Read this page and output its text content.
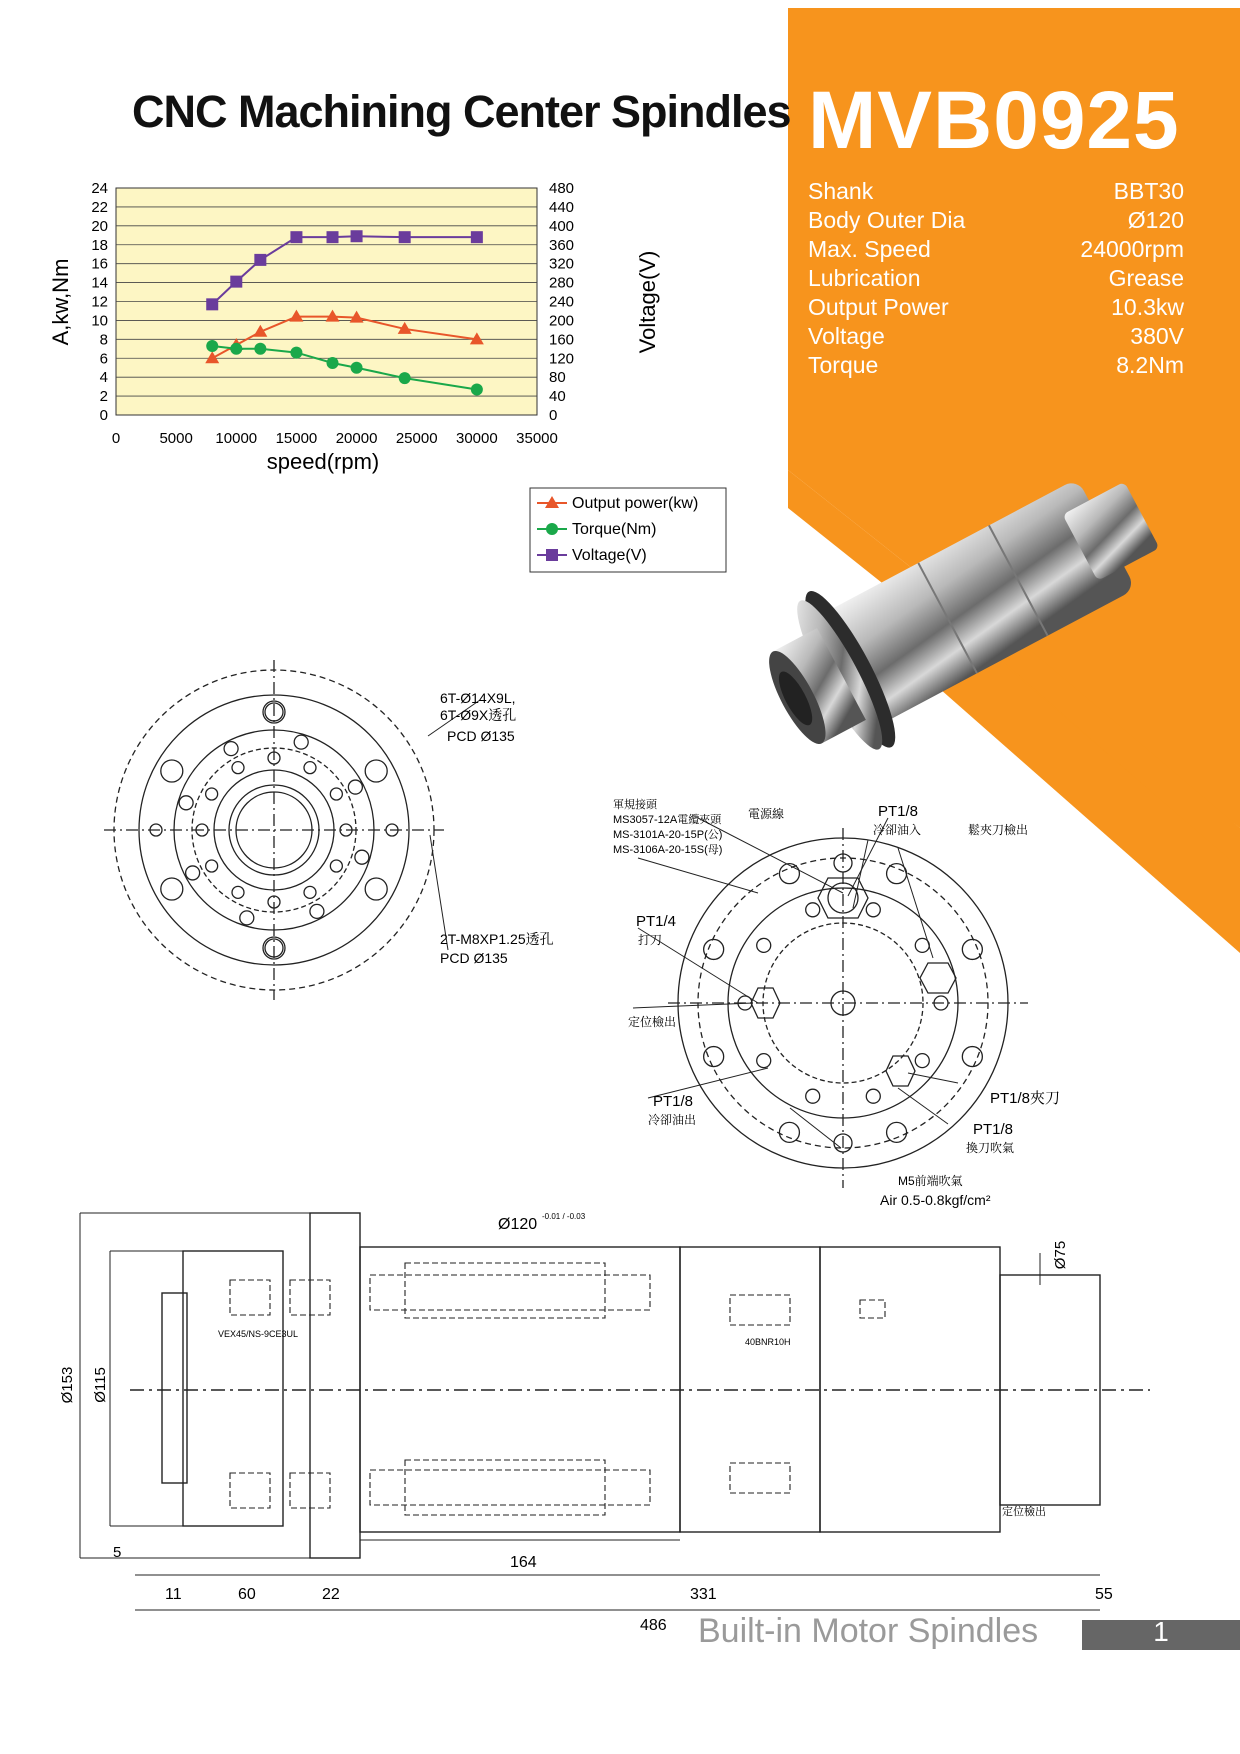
CNC Machining Center Spindles MVB0925
Shank	BBT30
Body Outer Dia	Ø120
Max. Speed	24000rpm
Lubrication	Grease
Output Power	10.3kw
Voltage	380V
Torque	8.2Nm
0
2
4
6
8
10
12
14
16
18
20
22
24
0
40
80
120
160
200
240
280
320
360
400
440
480
0	5000 10000 15000 20000 25000 30000 35000
A,kw,Nm	Voltage(V)
speed(rpm)
Output power(kw)
Torque(Nm)
Voltage(V)
6T-Ø14X9L,
6T-Ø9X透孔
PCD Ø135
2T-M8XP1.25透孔
PCD Ø135
軍規接頭
MS3057-12A電纜夾頭
MS-3101A-20-15P(公)
MS-3106A-20-15S(母)
電源線	PT1/8
冷卻油入	鬆夾刀檢出
PT1/4
打刀
定位檢出
PT1/8
冷卻油出
PT1/8夾刀
PT1/8
換刀吹氣
M5前端吹氣
Air 0.5-0.8kgf/cm²
Ø120 -0.01 / -0.03
Ø153 Ø115
Ø75
5
164
11	60	22	331	55
486
VEX45/NS-9CE3UL
40BNR10H
定位檢出
Built-in Motor Spindles	1
